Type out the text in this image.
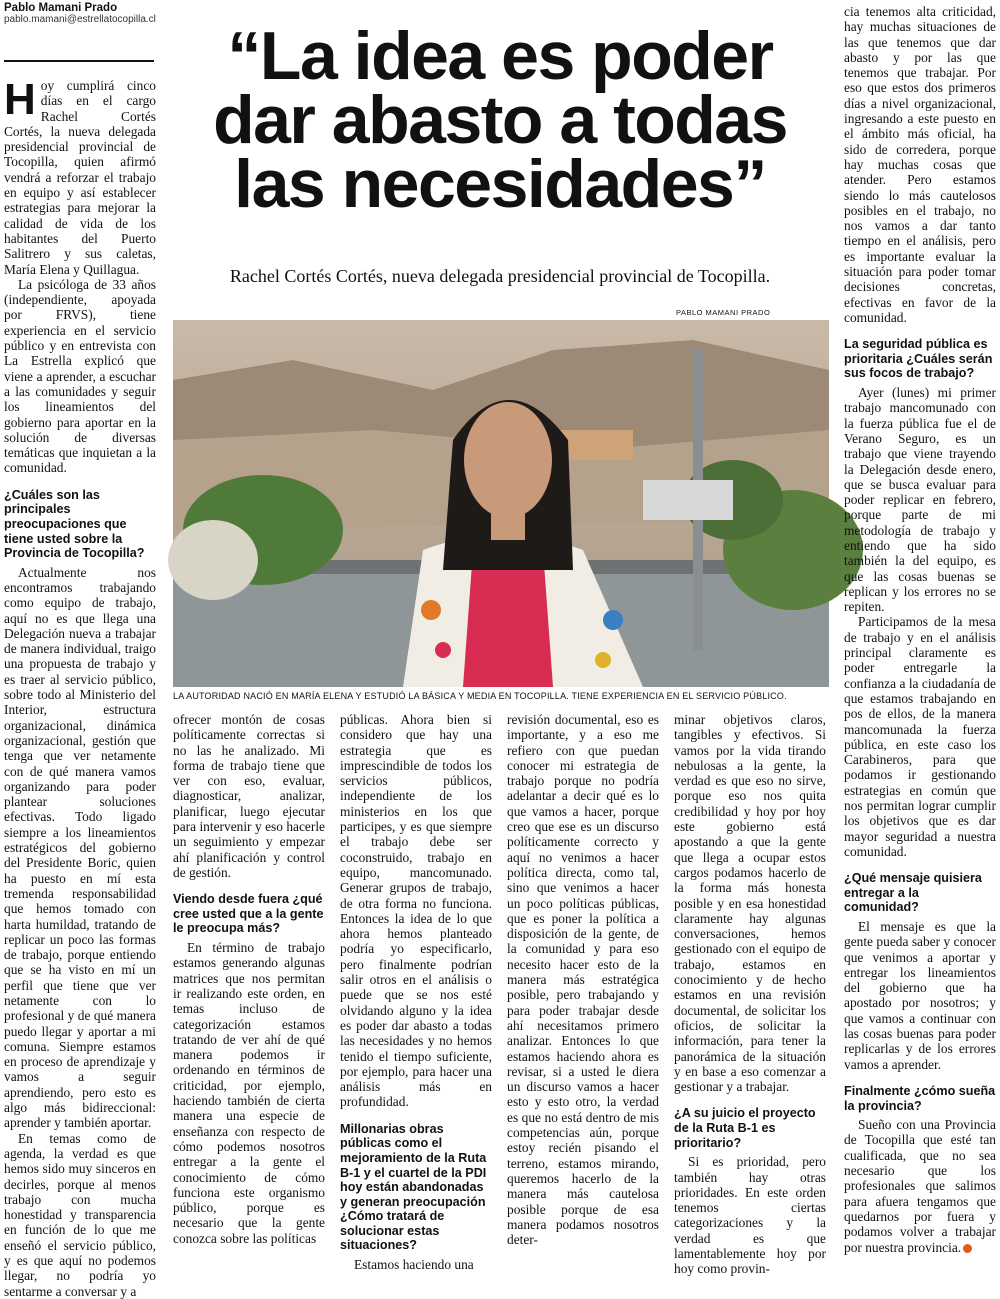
Pablo Mamani Prado
pablo.mamani@estrellatocopilla.cl	“La idea es poder dar abasto a todas las necesidades”
Rachel Cortés Cortés, nueva delegada presidencial provincial de Tocopilla.
PABLO MAMANI PRADO
LA AUTORIDAD NACIÓ EN MARÍA ELENA Y ESTUDIÓ LA BÁSICA Y MEDIA EN TOCOPILLA. TIENE EXPERIENCIA EN EL SERVICIO PÚBLICO.

Hoy cumplirá cinco días en el cargo Rachel Cortés Cortés, la nueva delegada presidencial provincial de Tocopilla, quien afirmó vendrá a reforzar el trabajo en equipo y así establecer estrategias para mejorar la calidad de vida de los habitantes del Puerto Salitrero y sus caletas, María Elena y Quillagua.

La psicóloga de 33 años (independiente, apoyada por FRVS), tiene experiencia en el servicio público y en entrevista con La Estrella explicó que viene a aprender, a escuchar a las comunidades y seguir los lineamientos del gobierno para aportar en la solución de diversas temáticas que inquietan a la comunidad.

¿Cuáles son las principales preocupaciones que tiene usted sobre la Provincia de Tocopilla?

Actualmente nos encontramos trabajando como equipo de trabajo, aquí no es que llega una Delegación nueva a trabajar de manera individual, traigo una propuesta de trabajo y es traer al servicio público, sobre todo al Ministerio del Interior, estructura organizacional, dinámica organizacional, gestión que tenga que ver netamente con de qué manera vamos organizando para poder plantear soluciones efectivas. Todo ligado siempre a los lineamientos estratégicos del gobierno del Presidente Boric, quien ha puesto en mí esta tremenda responsabilidad que hemos tomado con harta humildad, tratando de replicar un poco las formas de trabajo, porque entiendo que se ha visto en mí un perfil que tiene que ver netamente con lo profesional y de qué manera puedo llegar y aportar a mi comuna. Siempre estamos en proceso de aprendizaje y vamos a seguir aprendiendo, pero esto es algo más bidireccional: aprender y también aportar.

En temas como de agenda, la verdad es que hemos sido muy sinceros en decirles, porque al menos trabajo con mucha honestidad y transparencia en función de lo que me enseñó el servicio público, y es que aquí no podemos llegar, no podría yo sentarme a conversar y a

ofrecer montón de cosas políticamente correctas si no las he analizado. Mi forma de trabajo tiene que ver con eso, evaluar, diagnosticar, analizar, planificar, luego ejecutar para intervenir y eso hacerle un seguimiento y empezar ahí planificación y control de gestión.

Viendo desde fuera ¿qué cree usted que a la gente le preocupa más?

En término de trabajo estamos generando algunas matrices que nos permitan ir realizando este orden, en temas incluso de categorización estamos tratando de ver ahí de qué manera podemos ir ordenando en términos de criticidad, por ejemplo, haciendo también de cierta manera una especie de enseñanza con respecto de cómo podemos nosotros entregar a la gente el conocimiento de cómo funciona este organismo público, porque es necesario que la gente conozca sobre las políticas

públicas. Ahora bien si considero que hay una estrategia que es imprescindible de todos los servicios públicos, independiente de los ministerios en los que participes, y es que siempre el trabajo debe ser coconstruido, trabajo en equipo, mancomunado. Generar grupos de trabajo, de otra forma no funciona. Entonces la idea de lo que ahora hemos planteado podría yo especificarlo, pero finalmente podrían salir otros en el análisis o puede que se nos esté olvidando alguno y la idea es poder dar abasto a todas las necesidades y no hemos tenido el tiempo suficiente, por ejemplo, para hacer una análisis más en profundidad.

Millonarias obras públicas como el mejoramiento de la Ruta B-1 y el cuartel de la PDI hoy están abandonadas y generan preocupación ¿Cómo tratará de solucionar estas situaciones?

Estamos haciendo una

revisión documental, eso es importante, y a eso me refiero con que puedan conocer mi estrategia de trabajo porque no podría adelantar a decir qué es lo que vamos a hacer, porque creo que ese es un discurso políticamente correcto y aquí no venimos a hacer política directa, como tal, sino que venimos a hacer un poco políticas públicas, que es poner la política a disposición de la gente, de la comunidad y para eso necesito hacer esto de la manera más estratégica posible, pero trabajando y para poder trabajar desde ahí necesitamos primero analizar. Entonces lo que estamos haciendo ahora es revisar, si a usted le diera un discurso vamos a hacer esto y esto otro, la verdad es que no está dentro de mis competencias aún, porque estoy recién pisando el terreno, estamos mirando, queremos hacerlo de la manera más cautelosa posible porque de esa manera podamos nosotros deter-

minar objetivos claros, tangibles y efectivos. Si vamos por la vida tirando nebulosas a la gente, la verdad es que eso no sirve, porque eso nos quita credibilidad y hoy por hoy este gobierno está apostando a que la gente que llega a ocupar estos cargos podamos hacerlo de la forma más honesta posible y en esa honestidad claramente hay algunas conversaciones, hemos gestionado con el equipo de trabajo, estamos en conocimiento y de hecho estamos en una revisión documental, de solicitar los oficios, de solicitar la información, para tener la panorámica de la situación y en base a eso comenzar a gestionar y a trabajar.

¿A su juicio el proyecto de la Ruta B-1 es prioritario?

Si es prioridad, pero también hay otras prioridades. En este orden tenemos ciertas categorizaciones y la verdad es que lamentablemente hoy por hoy como provin-

cia tenemos alta criticidad, hay muchas situaciones de las que tenemos que dar abasto y por las que tenemos que trabajar. Por eso que estos dos primeros días a nivel organizacional, ingresando a este puesto en el ámbito más oficial, ha sido de corredera, porque hay muchas cosas que atender. Pero estamos siendo lo más cautelosos posibles en el trabajo, no nos vamos a dar tanto tiempo en el análisis, pero es importante evaluar la situación para poder tomar decisiones concretas, efectivas en favor de la comunidad.

La seguridad pública es prioritaria ¿Cuáles serán sus focos de trabajo?

Ayer (lunes) mi primer trabajo mancomunado con la fuerza pública fue el de Verano Seguro, es un trabajo que viene trayendo la Delegación desde enero, que se busca evaluar para poder replicar en febrero, porque parte de mi metodología de trabajo y entiendo que ha sido también la del equipo, es que las cosas buenas se replican y los errores no se repiten.

Participamos de la mesa de trabajo y en el análisis principal claramente es poder entregarle la confianza a la ciudadanía de que estamos trabajando en pos de ellos, de la manera mancomunada la fuerza pública, en este caso los Carabineros, para que podamos ir gestionando estrategias en común que nos permitan lograr cumplir los objetivos que es dar mayor seguridad a nuestra comunidad.

¿Qué mensaje quisiera entregar a la comunidad?

El mensaje es que la gente pueda saber y conocer que venimos a aportar y entregar los lineamientos del gobierno que ha apostado por nosotros; y que vamos a continuar con las cosas buenas para poder replicarlas y de los errores vamos a aprender.

Finalmente ¿cómo sueña la provincia?

Sueño con una Provincia de Tocopilla que esté tan cualificada, que no sea necesario que los profesionales que salimos para afuera tengamos que quedarnos por fuera y podamos volver a trabajar por nuestra provincia.
